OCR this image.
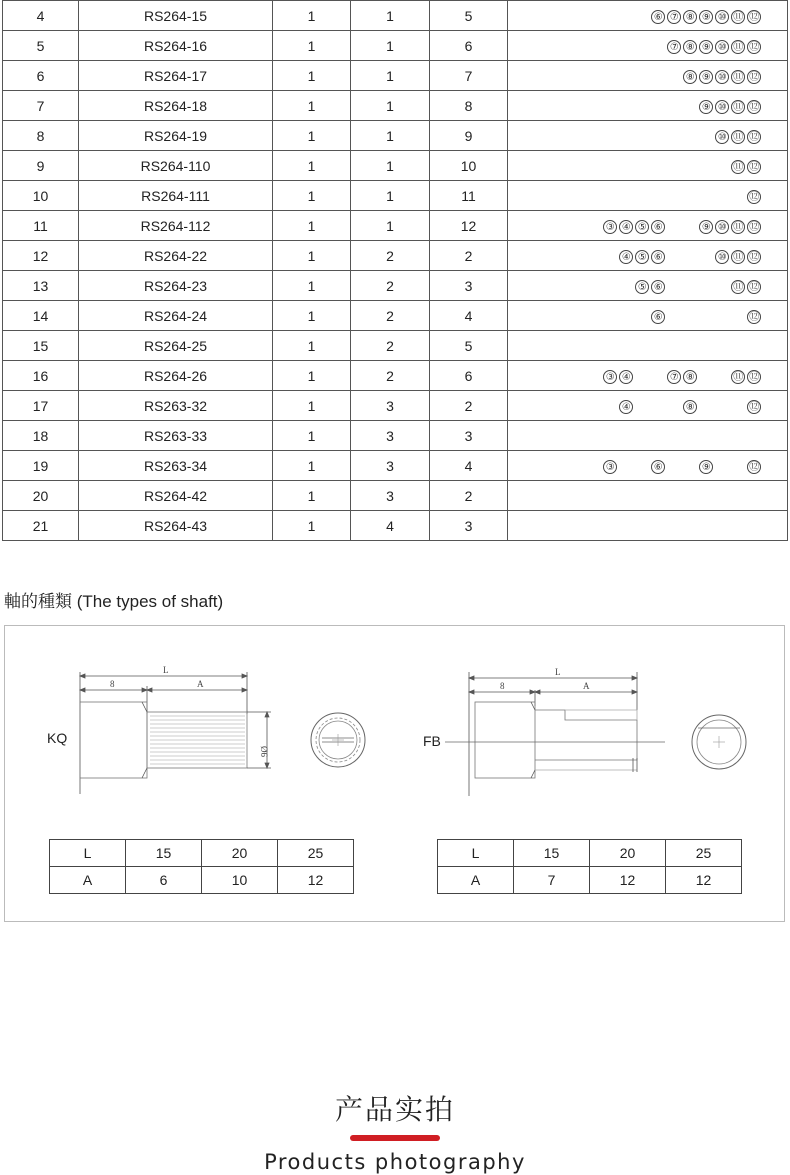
4	RS264-15	1	1	5	⑥ ⑦ ⑧ ⑨ ⑩ ⑪ ⑫
5	RS264-16	1	1	6	⑦ ⑧ ⑨ ⑩ ⑪ ⑫
6	RS264-17	1	1	7	⑧ ⑨ ⑩ ⑪ ⑫
7	RS264-18	1	1	8	⑨ ⑩ ⑪ ⑫
8	RS264-19	1	1	9	⑩ ⑪ ⑫
9	RS264-110	1	1	10	⑪ ⑫
10	RS264-111	1	1	11	⑫
11	RS264-112	1	1	12	③ ④ ⑤ ⑥ ⑨ ⑩ ⑪ ⑫
12	RS264-22	1	2	2	④ ⑤ ⑥ ⑩ ⑪ ⑫
13	RS264-23	1	2	3	⑤ ⑥ ⑪ ⑫
14	RS264-24	1	2	4	⑥ ⑫
15	RS264-25	1	2	5	
16	RS264-26	1	2	6	③ ④ ⑦ ⑧ ⑪ ⑫
17	RS263-32	1	3	2	④ ⑧ ⑫
18	RS263-33	1	3	3	
19	RS263-34	1	3	4	③ ⑥ ⑨ ⑫
20	RS264-42	1	3	2	
21	RS264-43	1	4	3	
軸的種類 (The types of shaft)
KQ
L
8	A
Ø6
L	15	20	25
A	6	10	12
FB
L
8	A
L	15	20	25
A	7	12	12
产品实拍
Products photography
